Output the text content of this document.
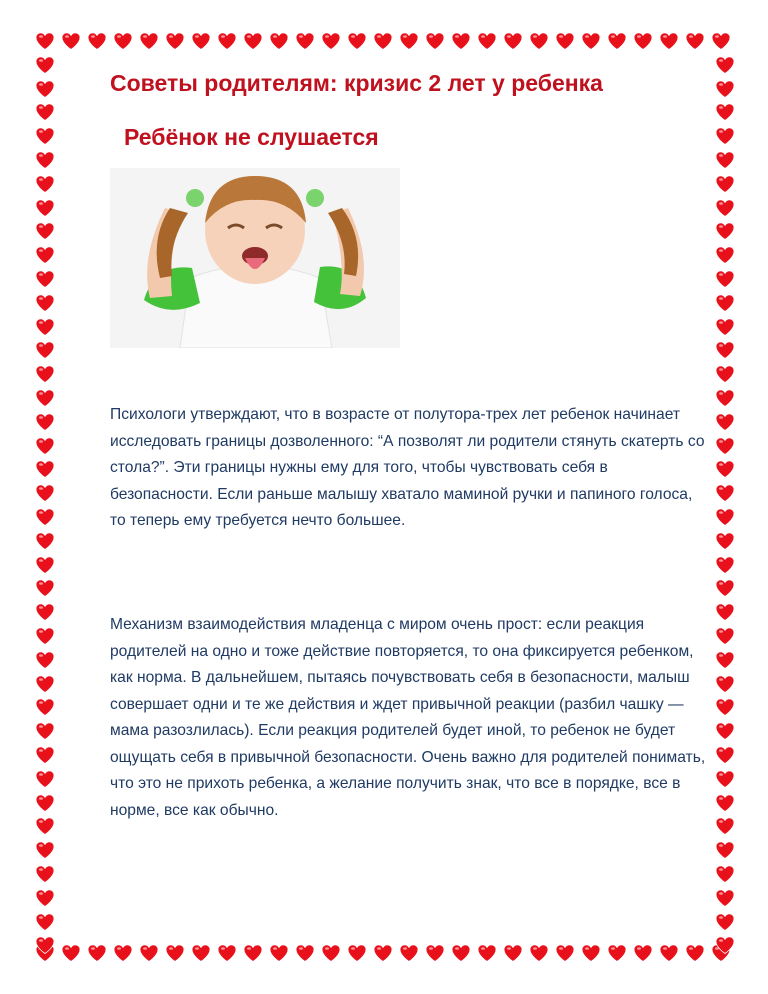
Советы родителям: кризис 2 лет у ребенка
Ребёнок не слушается
Психологи утверждают, что в возрасте от полутора-трех лет ребенок начинает исследовать границы дозволенного: “А позволят ли родители стянуть скатерть со стола?”. Эти границы нужны ему для того, чтобы чувствовать себя в безопасности. Если раньше малышу хватало маминой ручки и папиного голоса, то теперь ему требуется нечто большее.
Механизм взаимодействия младенца с миром очень прост: если реакция родителей на одно и тоже действие повторяется, то она фиксируется ребенком, как норма. В дальнейшем, пытаясь почувствовать себя в безопасности, малыш совершает одни и те же действия и ждет привычной реакции (разбил чашку — мама разозлилась). Если реакция родителей будет иной, то ребенок не будет ощущать себя в привычной безопасности. Очень важно для родителей понимать, что это не прихоть ребенка, а желание получить знак, что все в порядке, все в норме, все как обычно.
